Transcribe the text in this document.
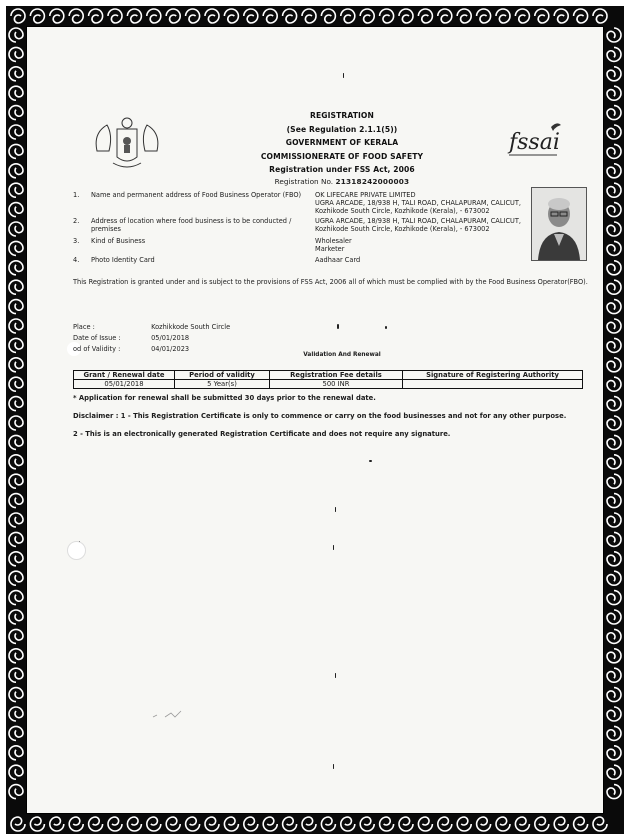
REGISTRATION
(See Regulation 2.1.1(5))
GOVERNMENT OF KERALA
COMMISSIONERATE OF FOOD SAFETY
Registration under FSS Act, 2006
fssai
Registration No. 21318242000003
1.	Name and permanent address of Food Business Operator (FBO)	OK LIFECARE PRIVATE LIMITED
UGRA ARCADE, 18/938 H, TALI ROAD, CHALAPURAM, CALICUT,
Kozhikode South Circle, Kozhikode (Kerala), - 673002
2.	Address of location where food business is to be conducted / premises
UGRA ARCADE, 18/938 H, TALI ROAD, CHALAPURAM, CALICUT,
Kozhikode South Circle, Kozhikode (Kerala), - 673002
3.	Kind of Business	Wholesaler
Marketer
4.	Photo Identity Card	Aadhaar Card
This Registration is granted under and is subject to the provisions of FSS Act, 2006 all of which must be complied with by the Food Business Operator(FBO).
Place :	Kozhikkode South Circle
Date of Issue :	05/01/2018
od of Validity :	04/01/2023
Validation And Renewal
Grant / Renewal date	Period of validity	Registration Fee details	Signature of Registering Authority
05/01/2018	5 Year(s)	500 INR	
* Application for renewal shall be submitted 30 days prior to the renewal date.
Disclaimer : 1 - This Registration Certificate is only to commence or carry on the food businesses and not for any other purpose.
2 - This is an electronically generated Registration Certificate and does not require any signature.
